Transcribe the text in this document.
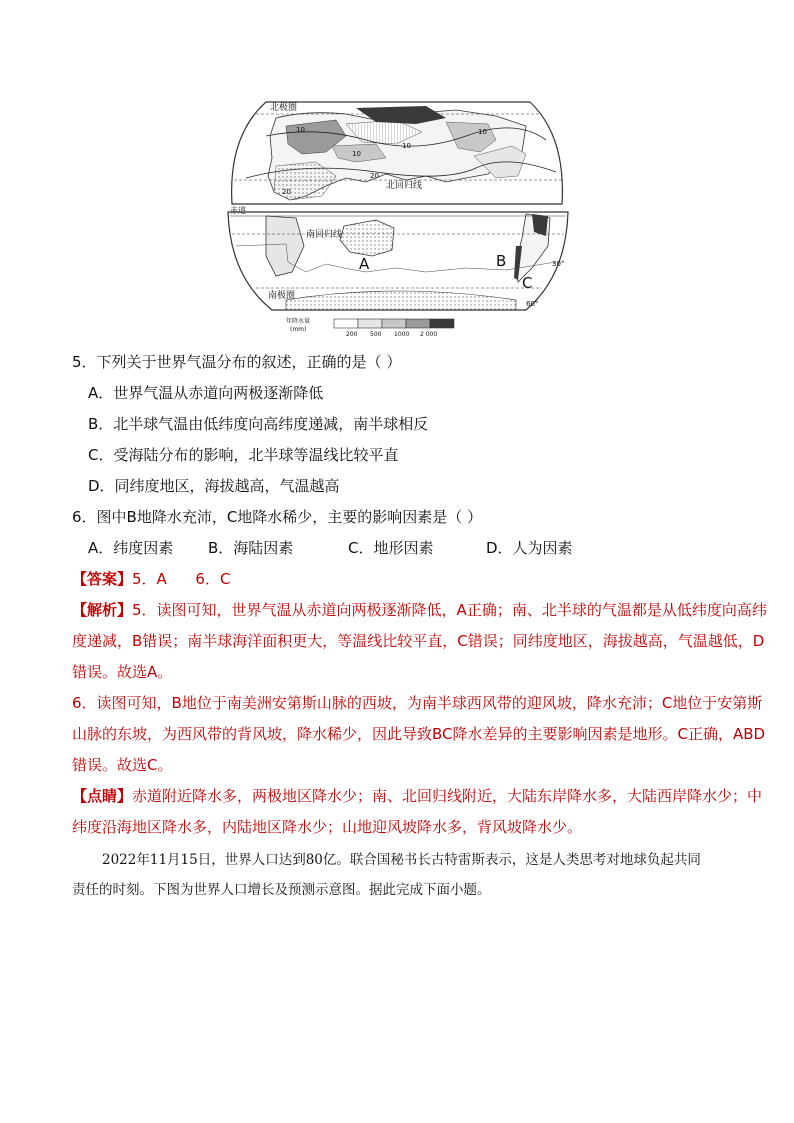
北极圈
北回归线
10
10
10
10
20
20
赤道
南回归线
南极圈
A	B
C
30°
60°
年降水量
(mm)
200 500 1000 2 000
5．下列关于世界气温分布的叙述，正确的是（ ）
A．世界气温从赤道向两极逐渐降低
B．北半球气温由低纬度向高纬度递减，南半球相反
C．受海陆分布的影响，北半球等温线比较平直
D．同纬度地区，海拔越高，气温越高
6．图中B地降水充沛，C地降水稀少，主要的影响因素是（ ）
A．纬度因素 B．海陆因素	C．地形因素	D．人为因素
【答案】5．A      6．C
【解析】5．读图可知，世界气温从赤道向两极逐渐降低，A正确；南、北半球的气温都是从低纬度向高纬
度递减，B错误；南半球海洋面积更大，等温线比较平直，C错误；同纬度地区，海拔越高，气温越低，D
错误。故选A。
6．读图可知，B地位于南美洲安第斯山脉的西坡，为南半球西风带的迎风坡，降水充沛；C地位于安第斯
山脉的东坡，为西风带的背风坡，降水稀少，因此导致BC降水差异的主要影响因素是地形。C正确，ABD
错误。故选C。
【点睛】赤道附近降水多，两极地区降水少；南、北回归线附近，大陆东岸降水多，大陆西岸降水少；中
纬度沿海地区降水多，内陆地区降水少；山地迎风坡降水多，背风坡降水少。
2022年11月15日，世界人口达到80亿。联合国秘书长古特雷斯表示，这是人类思考对地球负起共同
责任的时刻。下图为世界人口增长及预测示意图。据此完成下面小题。
